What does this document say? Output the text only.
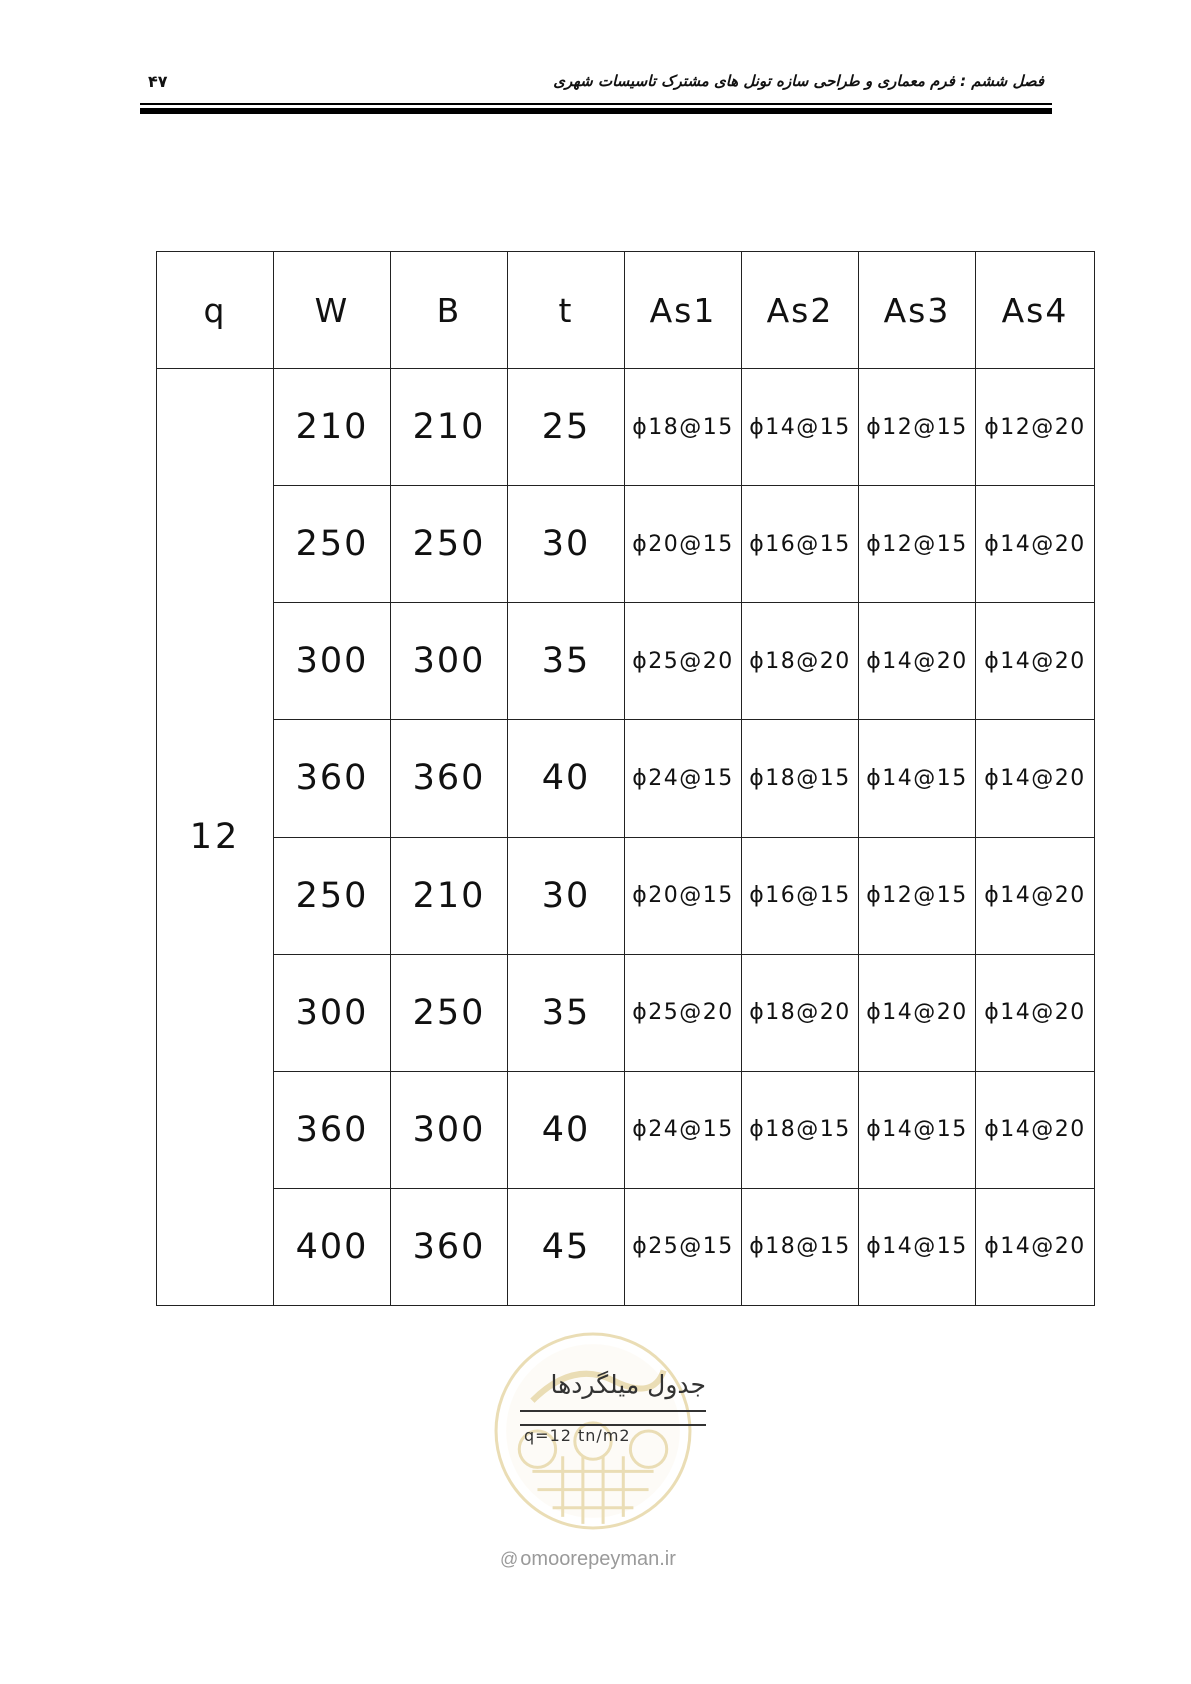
۴۷	فصل ششم : فرم معماری و طراحی سازه تونل های مشترک تاسیسات شهری
q	W	B	t	As1	As2	As3	As4
12	210	210	25	ɸ18@15	ɸ14@15	ɸ12@15	ɸ12@20
	250	250	30	ɸ20@15	ɸ16@15	ɸ12@15	ɸ14@20
	300	300	35	ɸ25@20	ɸ18@20	ɸ14@20	ɸ14@20
	360	360	40	ɸ24@15	ɸ18@15	ɸ14@15	ɸ14@20
	250	210	30	ɸ20@15	ɸ16@15	ɸ12@15	ɸ14@20
	300	250	35	ɸ25@20	ɸ18@20	ɸ14@20	ɸ14@20
	360	300	40	ɸ24@15	ɸ18@15	ɸ14@15	ɸ14@20
	400	360	45	ɸ25@15	ɸ18@15	ɸ14@15	ɸ14@20
@ omoorepeyman.ir
جدول میلگردها
q=12 tn/m2
